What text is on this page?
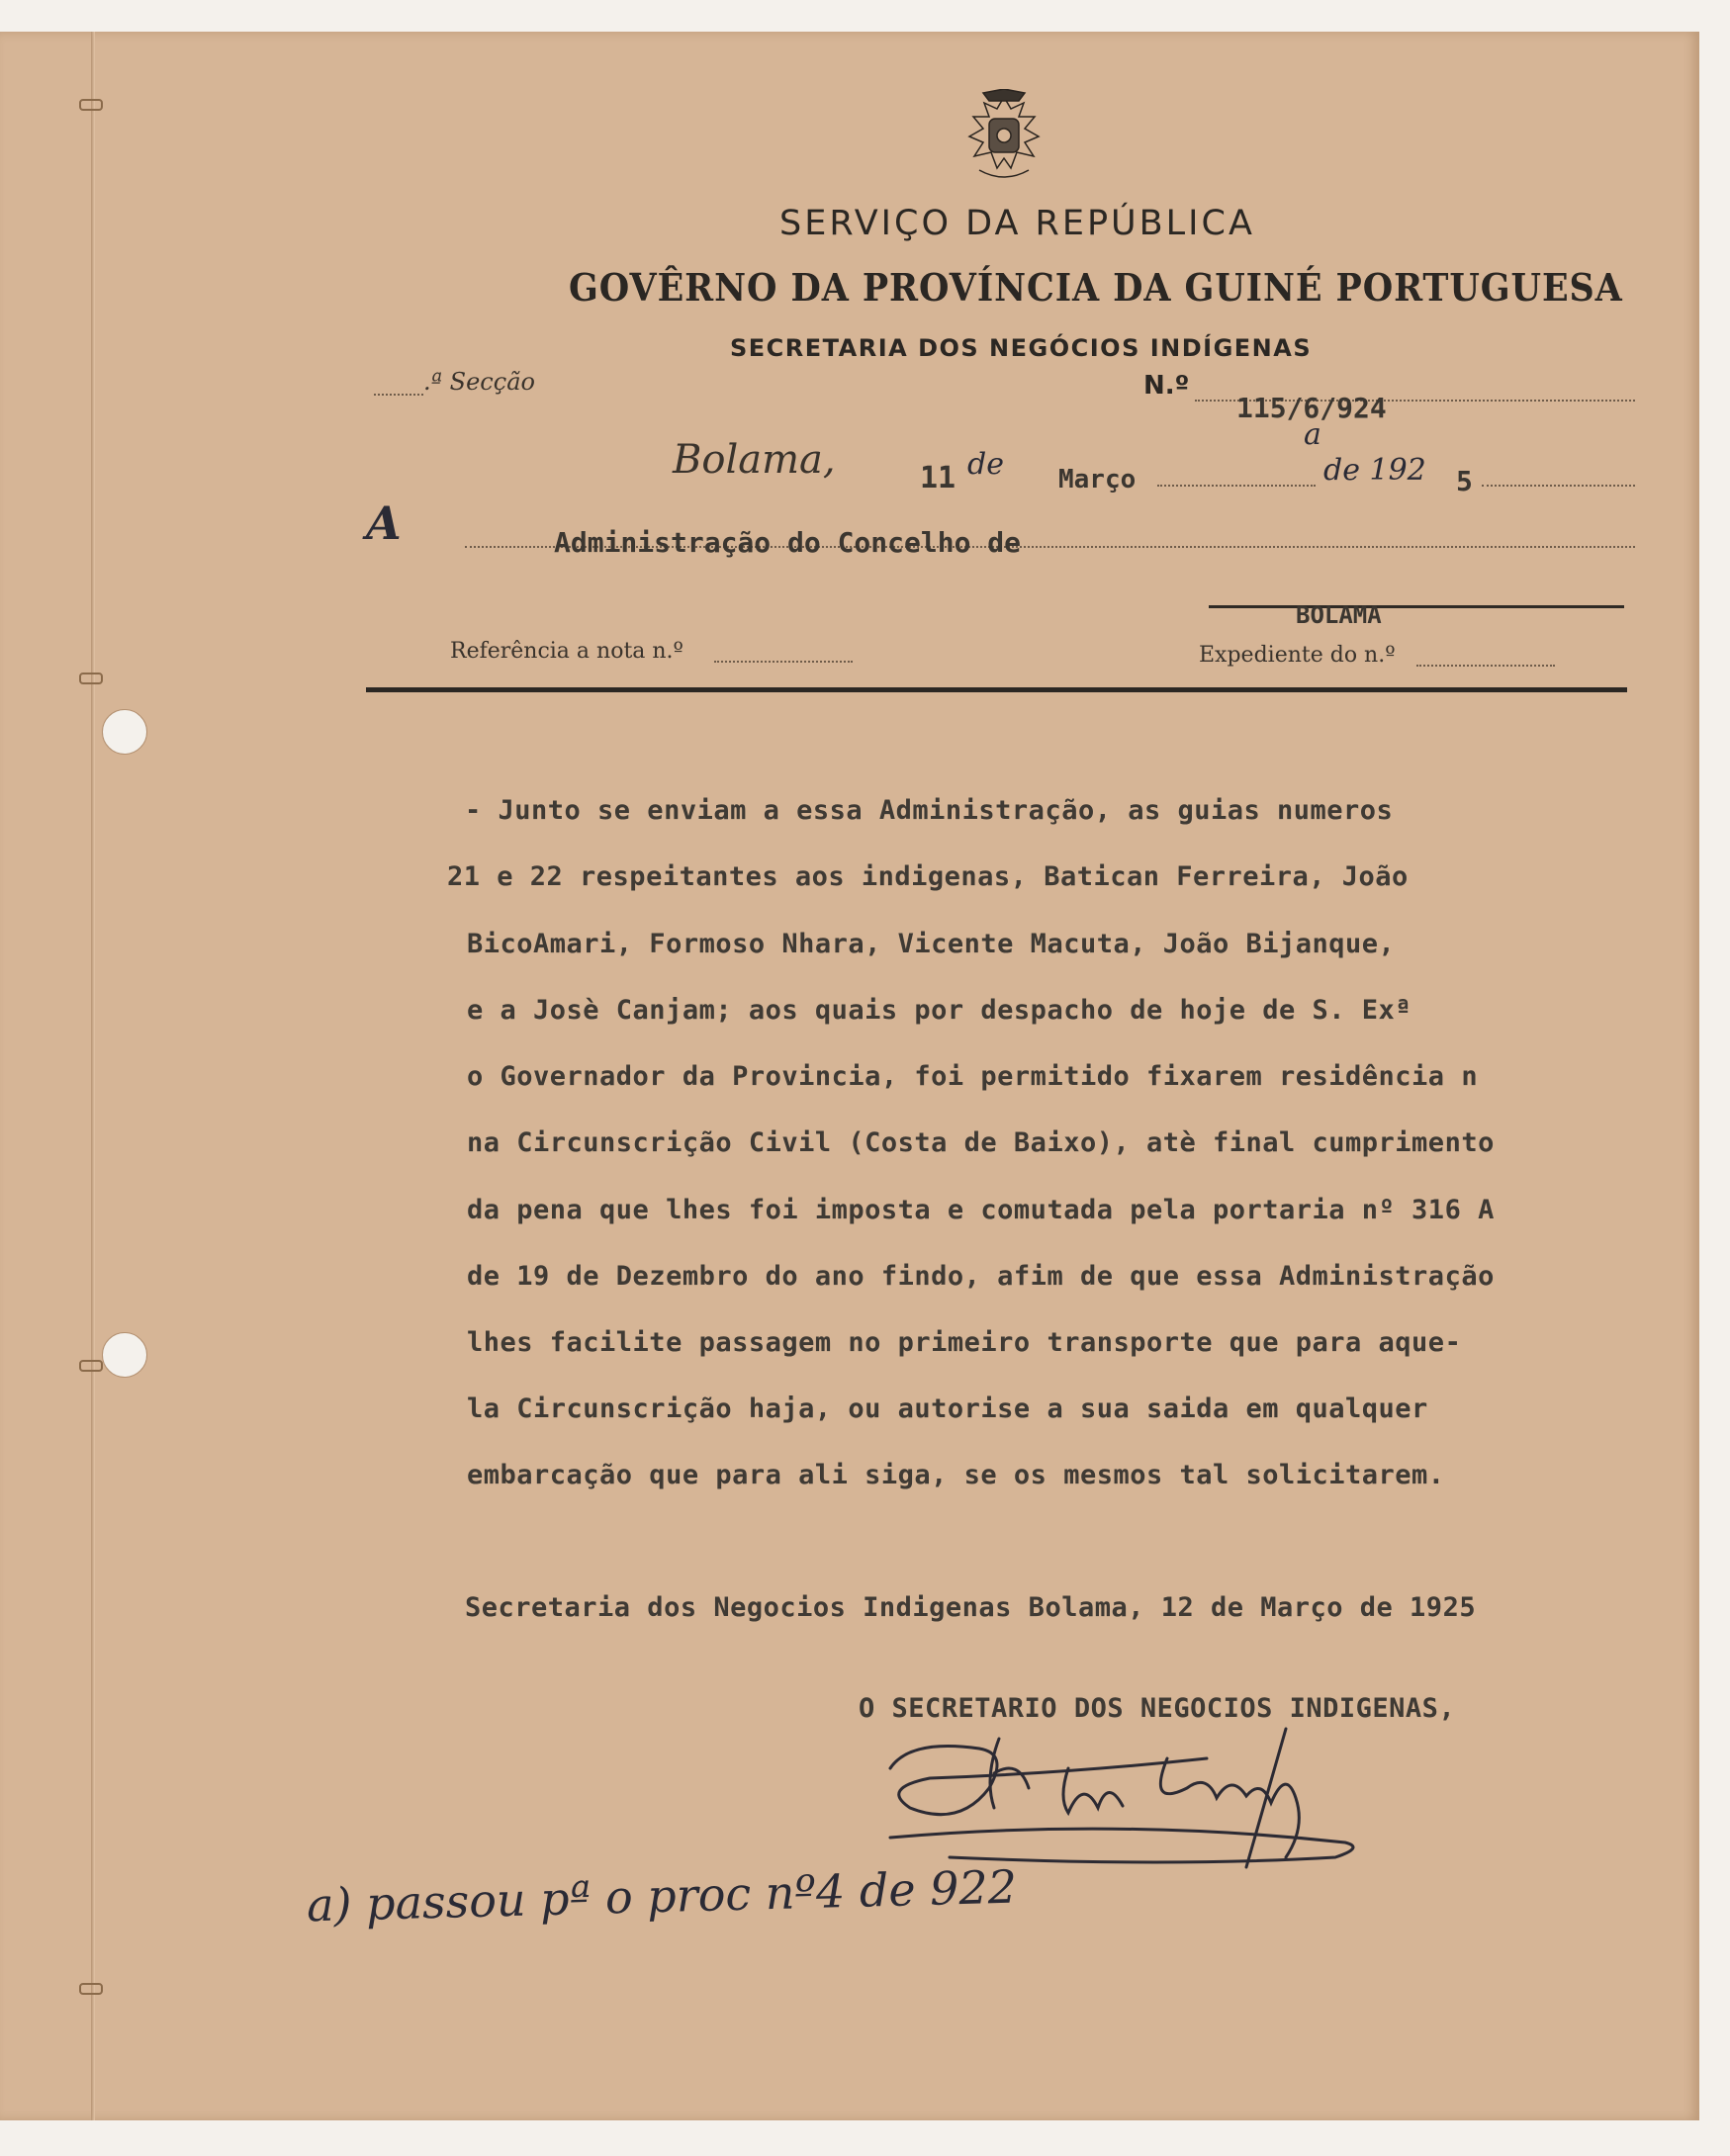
SERVIÇO DA REPÚBLICA
GOVÊRNO DA PROVÍNCIA DA GUINÉ PORTUGUESA
SECRETARIA DOS NEGÓCIOS INDÍGENAS
.ª Secção	N.º
115/6/924
a
Bolama,	11 de Março	de 192 5
A	Administração do Concelho de
BOLAMA
Referência a nota n.º	Expediente do n.º
- Junto se enviam a essa Administração, as guias numeros
21 e 22 respeitantes aos indigenas, Batican Ferreira, João
BicoAmari, Formoso Nhara, Vicente Macuta, João Bijanque,
e a Josè Canjam; aos quais por despacho de hoje de S. Exª
o Governador da Provincia, foi permitido fixarem residência n
na Circunscrição Civil (Costa de Baixo), atè final cumprimento
da pena que lhes foi imposta e comutada pela portaria nº 316 A
de 19 de Dezembro do ano findo, afim de que essa Administração
lhes facilite passagem no primeiro transporte que para aque-
la Circunscrição haja, ou autorise a sua saida em qualquer
embarcação que para ali siga, se os mesmos tal solicitarem.
Secretaria dos Negocios Indigenas Bolama, 12 de Março de 1925
O SECRETARIO DOS NEGOCIOS INDIGENAS,
a) passou pª o proc nº4 de 922
